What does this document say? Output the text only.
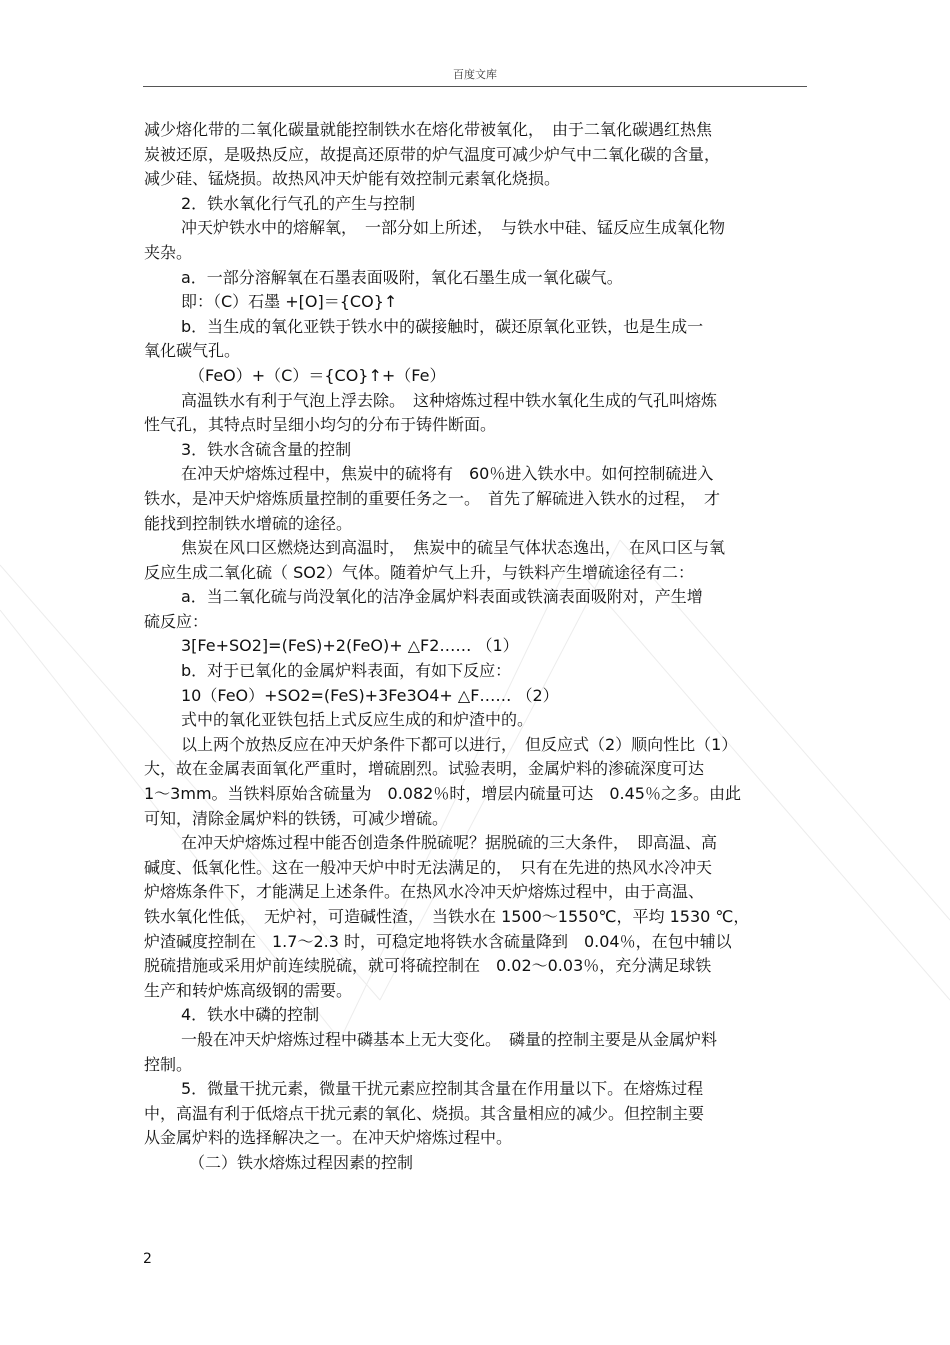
百度文库

减少熔化带的二氧化碳量就能控制铁水在熔化带被氧化，　由于二氧化碳遇红热焦

炭被还原，是吸热反应，故提高还原带的炉气温度可减少炉气中二氧化碳的含量，

减少硅、锰烧损。故热风冲天炉能有效控制元素氧化烧损。

2．铁水氧化行气孔的产生与控制

冲天炉铁水中的熔解氧，　一部分如上所述，　与铁水中硅、锰反应生成氧化物

夹杂。

a．一部分溶解氧在石墨表面吸附，氧化石墨生成一氧化碳气。

即：（C）石墨 +[O]＝{CO}↑

b．当生成的氧化亚铁于铁水中的碳接触时，碳还原氧化亚铁，也是生成一

氧化碳气孔。

（FeO）+（C）＝{CO}↑+（Fe）

高温铁水有利于气泡上浮去除。　这种熔炼过程中铁水氧化生成的气孔叫熔炼

性气孔，其特点时呈细小均匀的分布于铸件断面。

3．铁水含硫含量的控制

在冲天炉熔炼过程中，焦炭中的硫将有　60％进入铁水中。如何控制硫进入

铁水，是冲天炉熔炼质量控制的重要任务之一。　首先了解硫进入铁水的过程，　才

能找到控制铁水增硫的途径。

焦炭在风口区燃烧达到高温时，　焦炭中的硫呈气体状态逸出，　在风口区与氧

反应生成二氧化硫（ SO2）气体。随着炉气上升，与铁料产生增硫途径有二：

a．当二氧化硫与尚没氧化的洁净金属炉料表面或铁滴表面吸附对，产生增

硫反应：

3[Fe+SO2]=(FeS)+2(FeO)+ △F2…… （1）

b．对于已氧化的金属炉料表面，有如下反应：

10（FeO）+SO2=(FeS)+3Fe3O4+ △F…… （2）

式中的氧化亚铁包括上式反应生成的和炉渣中的。

以上两个放热反应在冲天炉条件下都可以进行，　但反应式（2）顺向性比（1）

大，故在金属表面氧化严重时，增硫剧烈。试验表明，金属炉料的渗硫深度可达

1～3mm。当铁料原始含硫量为　0.082％时，增层内硫量可达　0.45％之多。由此

可知，清除金属炉料的铁锈，可减少增硫。

在冲天炉熔炼过程中能否创造条件脱硫呢？据脱硫的三大条件，　即高温、高

碱度、低氧化性。这在一般冲天炉中时无法满足的，　只有在先进的热风水冷冲天

炉熔炼条件下，才能满足上述条件。在热风水冷冲天炉熔炼过程中，由于高温、

铁水氧化性低，　无炉衬，可造碱性渣，　当铁水在 1500～1550℃，平均 1530 ℃，

炉渣碱度控制在　1.7～2.3 时，可稳定地将铁水含硫量降到　0.04％，在包中辅以

脱硫措施或采用炉前连续脱硫，就可将硫控制在　0.02～0.03％，充分满足球铁

生产和转炉炼高级钢的需要。

4．铁水中磷的控制

一般在冲天炉熔炼过程中磷基本上无大变化。　磷量的控制主要是从金属炉料

控制。

5．微量干扰元素，微量干扰元素应控制其含量在作用量以下。在熔炼过程

中，高温有利于低熔点干扰元素的氧化、烧损。其含量相应的减少。但控制主要

从金属炉料的选择解决之一。在冲天炉熔炼过程中。

（二）铁水熔炼过程因素的控制

2
